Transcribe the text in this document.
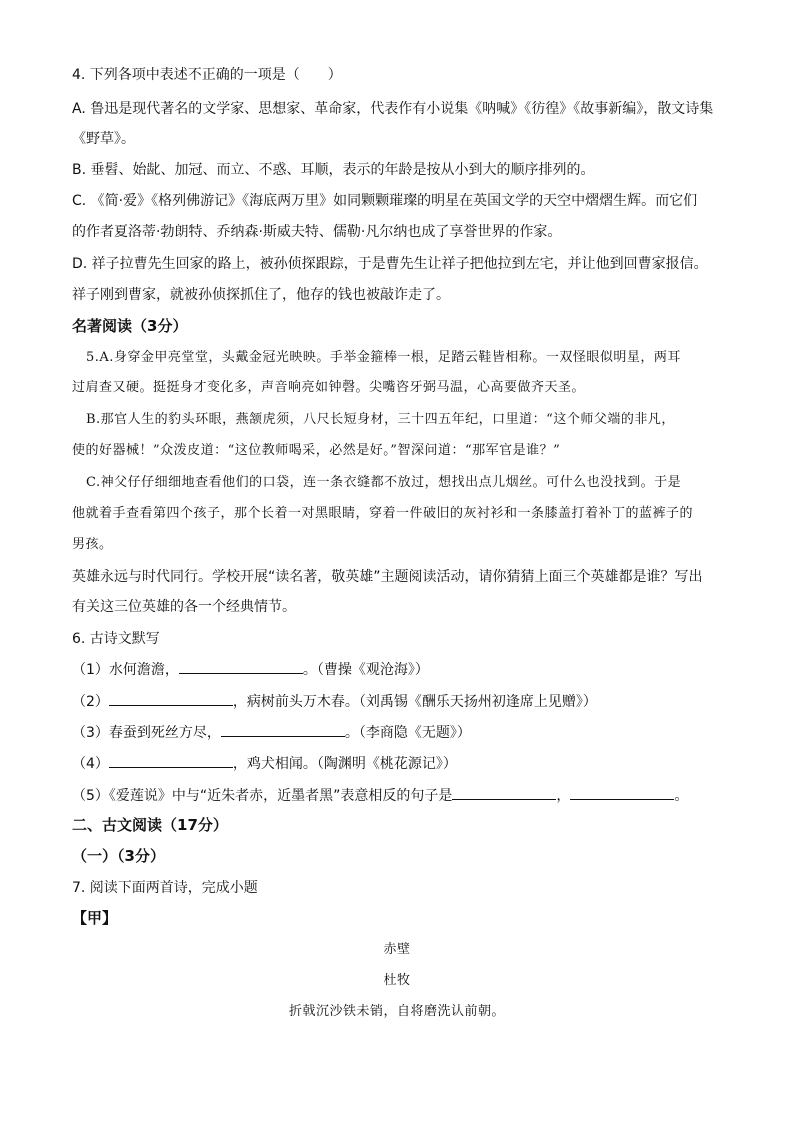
4. 下列各项中表述不正确的一项是（　　）

A. 鲁迅是现代著名的文学家、思想家、革命家，代表作有小说集《呐喊》《彷徨》《故事新编》，散文诗集

《野草》。

B. 垂髫、始龀、加冠、而立、不惑、耳顺，表示的年龄是按从小到大的顺序排列的。

C. 《简·爱》《格列佛游记》《海底两万里》如同颗颗璀璨的明星在英国文学的天空中熠熠生辉。而它们

的作者夏洛蒂·勃朗特、乔纳森·斯威夫特、儒勒·凡尔纳也成了享誉世界的作家。

D. 祥子拉曹先生回家的路上，被孙侦探跟踪，于是曹先生让祥子把他拉到左宅，并让他到回曹家报信。

祥子刚到曹家，就被孙侦探抓住了，他存的钱也被敲诈走了。

名著阅读（3分）

5.A.身穿金甲亮堂堂，头戴金冠光映映。手举金箍棒一根，足踏云鞋皆相称。一双怪眼似明星，两耳

过肩查又硬。挺挺身才变化多，声音响亮如钟磬。尖嘴咨牙弼马温，心高要做齐天圣。

B.那官人生的豹头环眼，燕颔虎须，八尺长短身材，三十四五年纪，口里道：“这个师父端的非凡，

使的好器械！”众泼皮道：“这位教师喝采，必然是好。”智深问道：“那军官是谁？”

C.神父仔仔细细地查看他们的口袋，连一条衣缝都不放过，想找出点儿烟丝。可什么也没找到。于是

他就着手查看第四个孩子，那个长着一对黑眼睛，穿着一件破旧的灰衬衫和一条膝盖打着补丁的蓝裤子的

男孩。

英雄永远与时代同行。学校开展“读名著，敬英雄”主题阅读活动，请你猜猜上面三个英雄都是谁？写出

有关这三位英雄的各一个经典情节。

6. 古诗文默写

（1）水何澹澹，	。（曹操《观沧海》）

（2）	，病树前头万木春。（刘禹锡《酬乐天扬州初逢席上见赠》）

（3）春蚕到死丝方尽，	。（李商隐《无题》）

（4）	，鸡犬相闻。（陶渊明《桃花源记》）

（5）《爱莲说》中与“近朱者赤，近墨者黑”表意相反的句子是	，	。

二、古文阅读（17分）

（一）（3分）

7. 阅读下面两首诗，完成小题

【甲】

赤壁

杜牧

折戟沉沙铁未销，自将磨洗认前朝。
